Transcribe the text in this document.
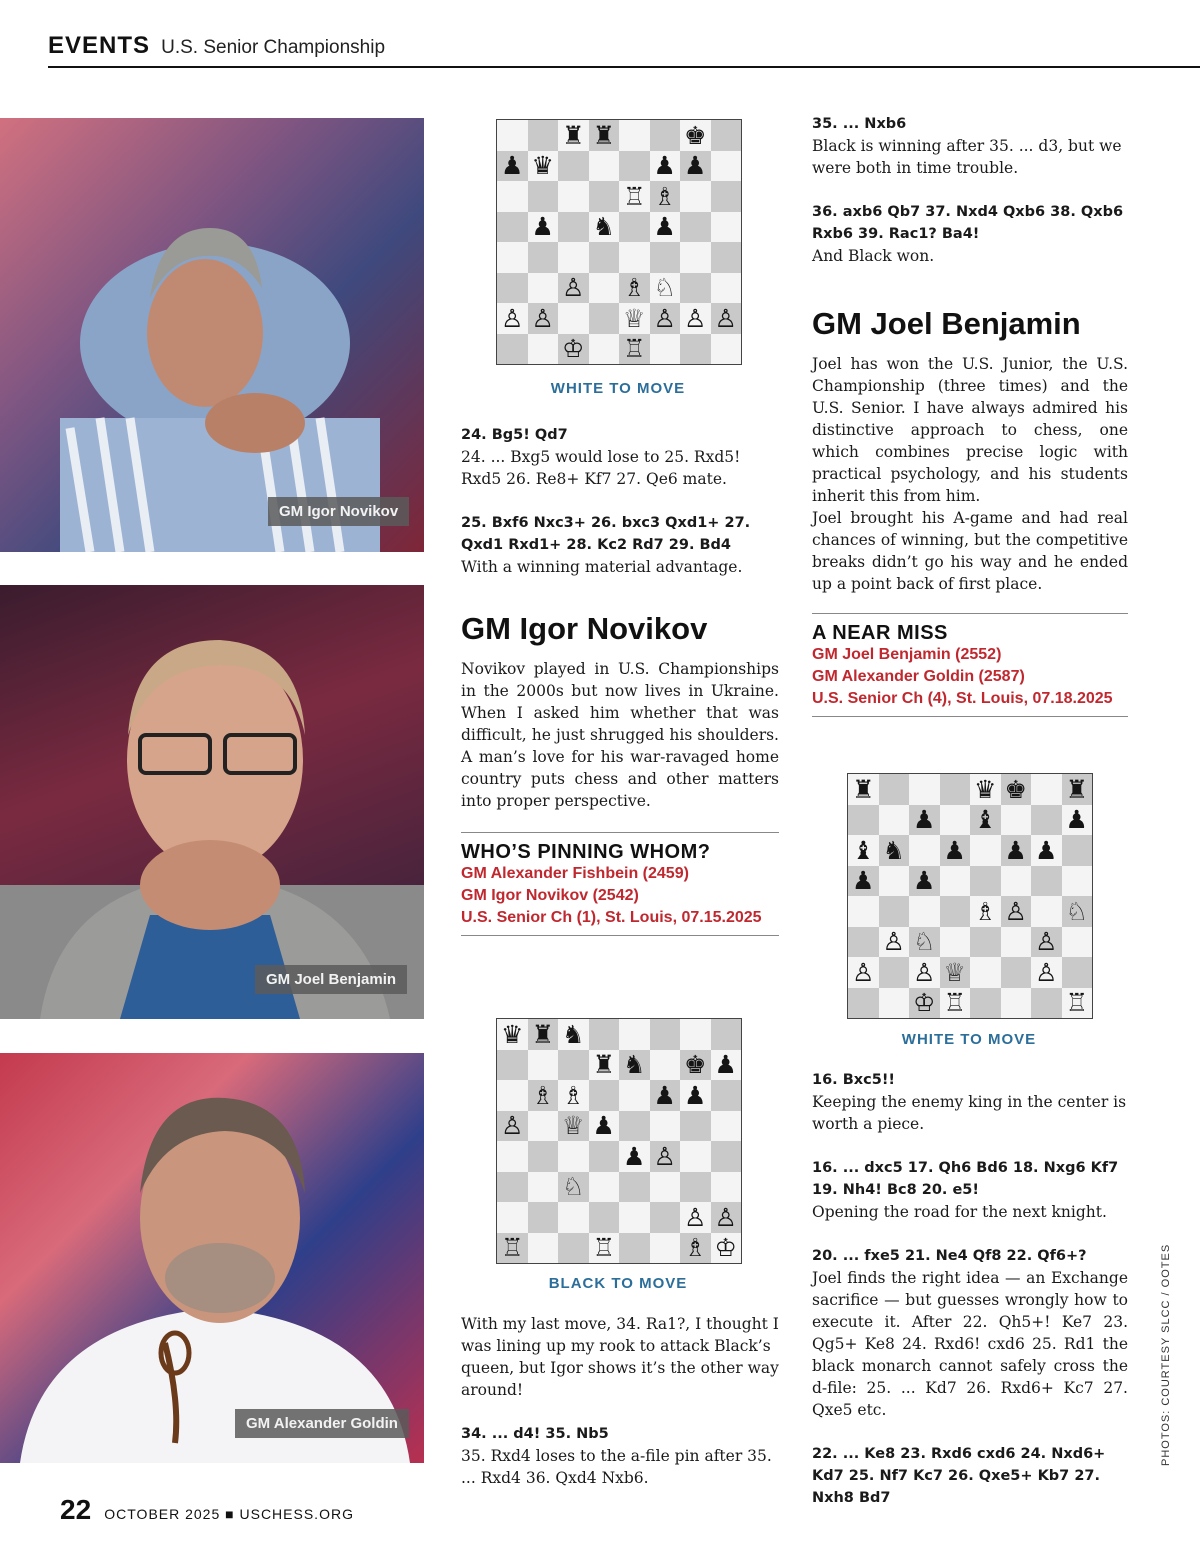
EVENTS U.S. Senior Championship
GM Igor Novikov
GM Joel Benjamin
GM Alexander Goldin
♜ ♜	♚
♟ ♛	♟ ♟
♖ ♗
♟ ♞ ♟
♙ ♗ ♘
♙ ♙	♕ ♙ ♙ ♙
♔ ♖
WHITE TO MOVE
24. Bg5! Qd7
24. ... Bxg5 would lose to 25. Rxd5! Rxd5 26. Re8+ Kf7 27. Qe6 mate.
25. Bxf6 Nxc3+ 26. bxc3 Qxd1+ 27. Qxd1 Rxd1+ 28. Kc2 Rd7 29. Bd4
With a winning material advantage.
GM Igor Novikov
Novikov played in U.S. Championships in the 2000s but now lives in Ukraine. When I asked him whether that was difficult, he just shrugged his shoulders. A man’s love for his war-ravaged home country puts chess and other matters into proper perspective.
WHO’S PINNING WHOM?
GM Alexander Fishbein (2459)
GM Igor Novikov (2542)
U.S. Senior Ch (1), St. Louis, 07.15.2025
♛ ♜ ♞
♜ ♞ ♚ ♟
♗ ♗	♟ ♟
♙ ♕ ♟
♟ ♙
♘
♙ ♙
♖	♖	♗ ♔
BLACK TO MOVE
With my last move, 34. Ra1?, I thought I was lining up my rook to attack Black’s queen, but Igor shows it’s the other way around!
34. ... d4! 35. Nb5
35. Rxd4 loses to the a-file pin after 35. ... Rxd4 36. Qxd4 Nxb6.
35. ... Nxb6
Black is winning after 35. ... d3, but we were both in time trouble.
36. axb6 Qb7 37. Nxd4 Qxb6 38. Qxb6 Rxb6 39. Rac1? Ba4!
And Black won.
GM Joel Benjamin
Joel has won the U.S. Junior, the U.S. Championship (three times) and the U.S. Senior. I have always admired his distinctive approach to chess, one which combines precise logic with practical psychology, and his students inherit this from him.
Joel brought his A-game and had real chances of winning, but the competitive breaks didn’t go his way and he ended up a point back of first place.
A NEAR MISS
GM Joel Benjamin (2552)
GM Alexander Goldin (2587)
U.S. Senior Ch (4), St. Louis, 07.18.2025
♜	♛ ♚ ♜
♟ ♝	♟
♝ ♞ ♟ ♟ ♟
♟ ♟
♗ ♙ ♘
♙ ♘	♙
♙ ♙ ♕	♙
♔ ♖	♖
WHITE TO MOVE
16. Bxc5!!
Keeping the enemy king in the center is worth a piece.
16. ... dxc5 17. Qh6 Bd6 18. Nxg6 Kf7 19. Nh4! Bc8 20. e5!
Opening the road for the next knight.
20. ... fxe5 21. Ne4 Qf8 22. Qf6+?
Joel finds the right idea — an Exchange sacrifice — but guesses wrongly how to execute it. After 22. Qh5+! Ke7 23. Qg5+ Ke8 24. Rxd6! cxd6 25. Rd1 the black monarch cannot safely cross the d-file: 25. ... Kd7 26. Rxd6+ Kc7 27. Qxe5 etc.
22. ... Ke8 23. Rxd6 cxd6 24. Nxd6+ Kd7 25. Nf7 Kc7 26. Qxe5+ Kb7 27. Nxh8 Bd7
PHOTOS: COURTESY SLCC / OOTES
22 OCTOBER 2025 ■ USCHESS.ORG
